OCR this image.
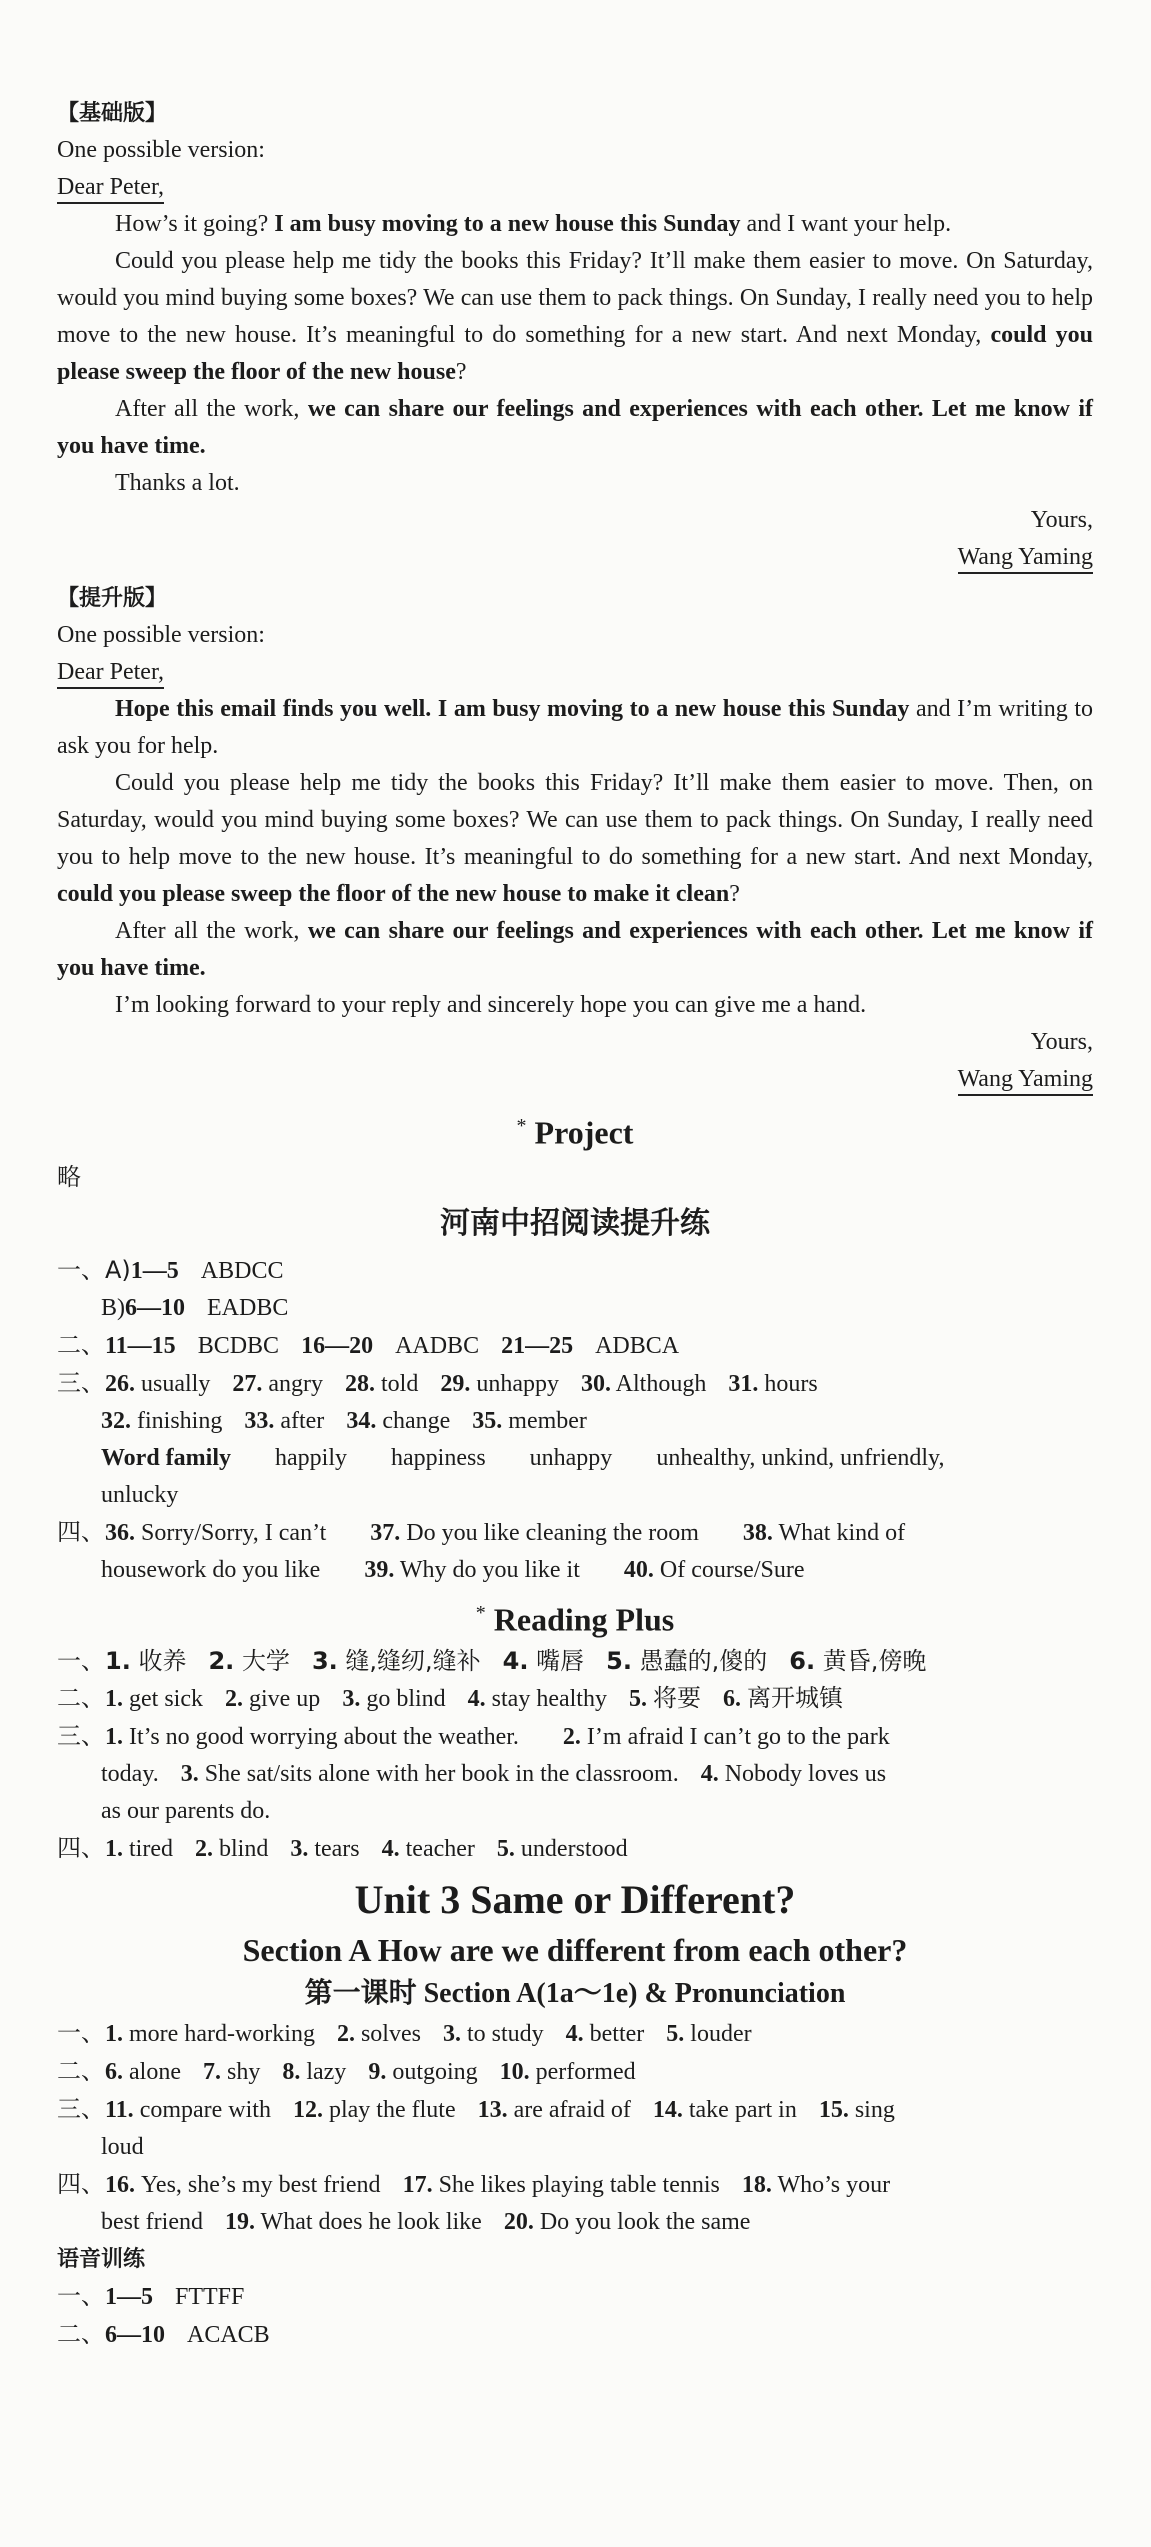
【基础版】

One possible version:

Dear Peter,

How’s it going? I am busy moving to a new house this Sunday and I want your help.

Could you please help me tidy the books this Friday? It’ll make them easier to move. On Saturday, would you mind buying some boxes? We can use them to pack things. On Sunday, I really need you to help move to the new house. It’s meaningful to do something for a new start. And next Monday, could you please sweep the floor of the new house?

After all the work, we can share our feelings and experiences with each other. Let me know if you have time.

Thanks a lot.

Yours,

Wang Yaming

【提升版】

One possible version:

Dear Peter,

Hope this email finds you well. I am busy moving to a new house this Sunday and I’m writing to ask you for help.

Could you please help me tidy the books this Friday? It’ll make them easier to move. Then, on Saturday, would you mind buying some boxes? We can use them to pack things. On Sunday, I really need you to help move to the new house. It’s meaningful to do something for a new start. And next Monday, could you please sweep the floor of the new house to make it clean?

After all the work, we can share our feelings and experiences with each other. Let me know if you have time.

I’m looking forward to your reply and sincerely hope you can give me a hand.

Yours,

Wang Yaming

* Project

略

河南中招阅读提升练

一、A)1—5 ABDCC

B)6—10 EADBC

二、11—15 BCDBC 16—20 AADBC 21—25 ADBCA

三、26. usually 27. angry 28. told 29. unhappy 30. Although 31. hours

32. finishing 33. after 34. change 35. member

Word family happily happiness unhappy unhealthy, unkind, unfriendly,

unlucky

四、36. Sorry/Sorry, I can’t 37. Do you like cleaning the room 38. What kind of

housework do you like 39. Why do you like it 40. Of course/Sure

* Reading Plus

一、1. 收养 2. 大学 3. 缝,缝纫,缝补 4. 嘴唇 5. 愚蠢的,傻的 6. 黄昏,傍晚

二、1. get sick 2. give up 3. go blind 4. stay healthy 5. 将要 6. 离开城镇

三、1. It’s no good worrying about the weather. 2. I’m afraid I can’t go to the park

today. 3. She sat/sits alone with her book in the classroom. 4. Nobody loves us

as our parents do.

四、1. tired 2. blind 3. tears 4. teacher 5. understood

Unit 3 Same or Different?

Section A How are we different from each other?

第一课时 Section A(1a～1e) & Pronunciation

一、1. more hard-working 2. solves 3. to study 4. better 5. louder

二、6. alone 7. shy 8. lazy 9. outgoing 10. performed

三、11. compare with 12. play the flute 13. are afraid of 14. take part in 15. sing

loud

四、16. Yes, she’s my best friend 17. She likes playing table tennis 18. Who’s your

best friend 19. What does he look like 20. Do you look the same

语音训练

一、1—5 FTTFF

二、6—10 ACACB
